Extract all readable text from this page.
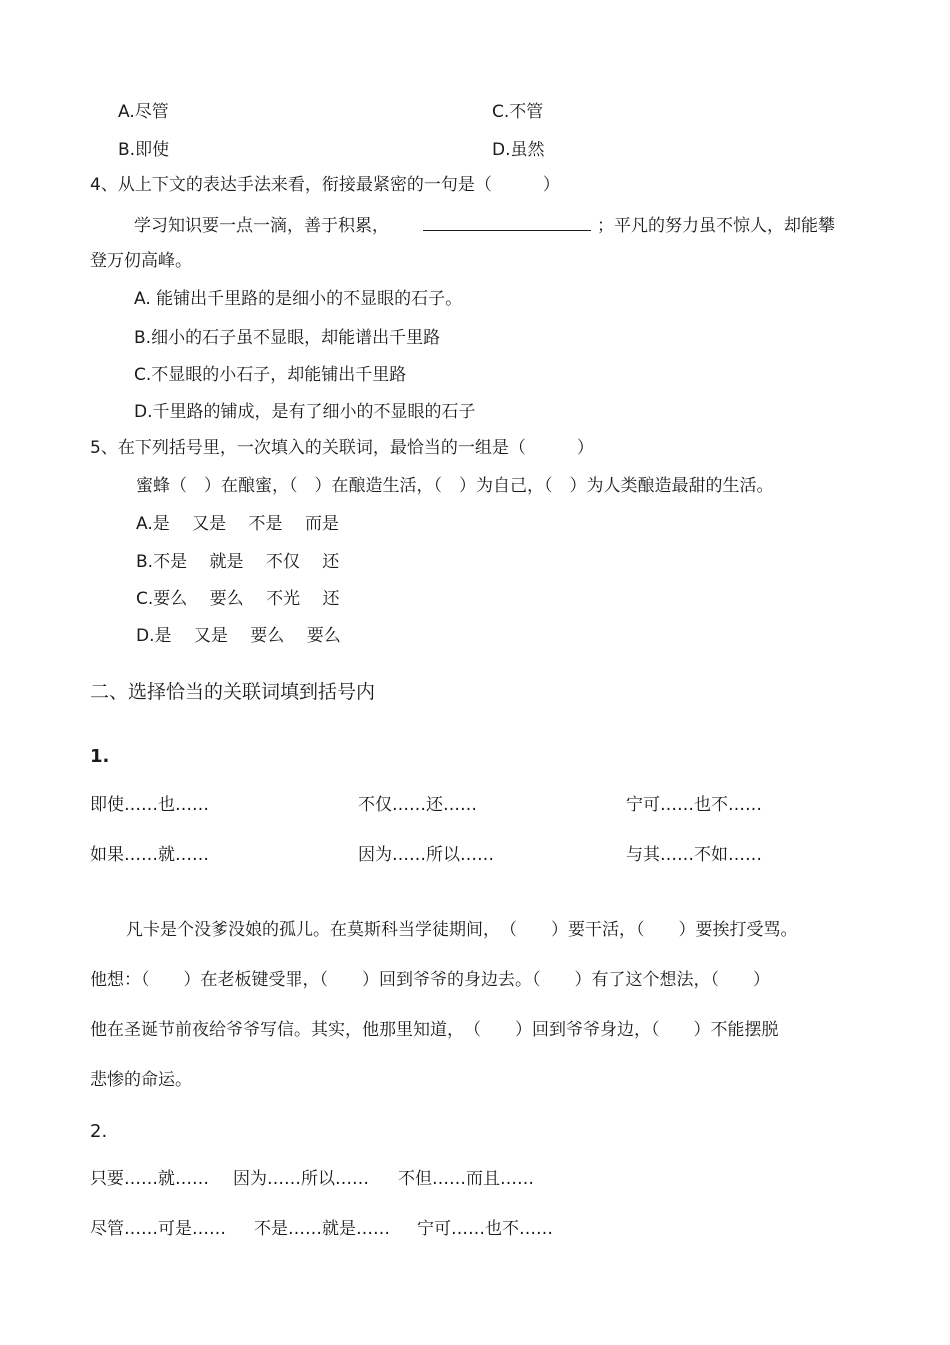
A.尽管	C.不管
B.即使	D.虽然
4、从上下文的表达手法来看，衔接最紧密的一句是（　　　）
学习知识要一点一滴，善于积累，	；平凡的努力虽不惊人，却能攀
登万仞高峰。
A. 能铺出千里路的是细小的不显眼的石子。
B.细小的石子虽不显眼，却能谱出千里路
C.不显眼的小石子，却能铺出千里路
D.千里路的铺成，是有了细小的不显眼的石子
5、在下列括号里，一次填入的关联词，最恰当的一组是（　　　）
蜜蜂（　）在酿蜜，（　）在酿造生活，（　）为自己，（　）为人类酿造最甜的生活。
A.是　 又是　 不是　 而是
B.不是　 就是　 不仅　 还
C.要么　 要么　 不光　 还
D.是　 又是　 要么　 要么
二、选择恰当的关联词填到括号内
1.
即使……也……	不仅……还……	宁可……也不……
如果……就……	因为……所以……	与其……不如……
凡卡是个没爹没娘的孤儿。在莫斯科当学徒期间，　（　　）要干活，（　　）要挨打受骂。
他想：（　　）在老板键受罪，（　　）回到爷爷的身边去。（　　）有了这个想法，（　　）
他在圣诞节前夜给爷爷写信。其实，他那里知道，　（　　）回到爷爷身边，（　　）不能摆脱
悲惨的命运。
2.
只要……就…… 因为……所以…… 不但……而且……
尽管……可是…… 不是……就是…… 宁可……也不……
